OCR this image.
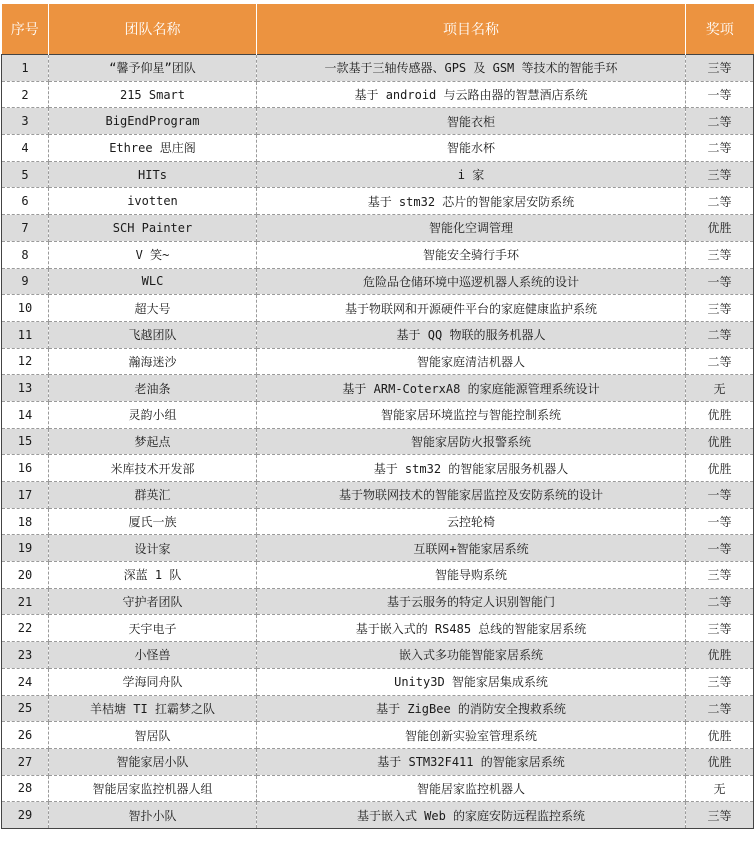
序号	团队名称	项目名称	奖项
1	“馨予仰星”团队	一款基于三轴传感器、GPS 及 GSM 等技术的智能手环	三等
2	215 Smart	基于 android 与云路由器的智慧酒店系统	一等
3	BigEndProgram	智能衣柜	二等
4	Ethree 思庄阁	智能水杯	二等
5	HITs	i 家	三等
6	ivotten	基于 stm32 芯片的智能家居安防系统	二等
7	SCH Painter	智能化空调管理	优胜
8	V 笑~	智能安全骑行手环	三等
9	WLC	危险品仓储环境中巡逻机器人系统的设计	一等
10	超大号	基于物联网和开源硬件平台的家庭健康监护系统	三等
11	飞越团队	基于 QQ 物联的服务机器人	二等
12	瀚海迷沙	智能家庭清洁机器人	二等
13	老油条	基于 ARM-CoterxA8 的家庭能源管理系统设计	无
14	灵韵小组	智能家居环境监控与智能控制系统	优胜
15	梦起点	智能家居防火报警系统	优胜
16	米库技术开发部	基于 stm32 的智能家居服务机器人	优胜
17	群英汇	基于物联网技术的智能家居监控及安防系统的设计	一等
18	厦氏一族	云控轮椅	一等
19	设计家	互联网+智能家居系统	一等
20	深蓝 1 队	智能导购系统	三等
21	守护者团队	基于云服务的特定人识别智能门	二等
22	天宇电子	基于嵌入式的 RS485 总线的智能家居系统	三等
23	小怪兽	嵌入式多功能智能家居系统	优胜
24	学海同舟队	Unity3D 智能家居集成系统	三等
25	羊桔塘 TI 扛霸梦之队	基于 ZigBee 的消防安全搜救系统	二等
26	智居队	智能创新实验室管理系统	优胜
27	智能家居小队	基于 STM32F411 的智能家居系统	优胜
28	智能居家监控机器人组	智能居家监控机器人	无
29	智扑小队	基于嵌入式 Web 的家庭安防远程监控系统	三等
